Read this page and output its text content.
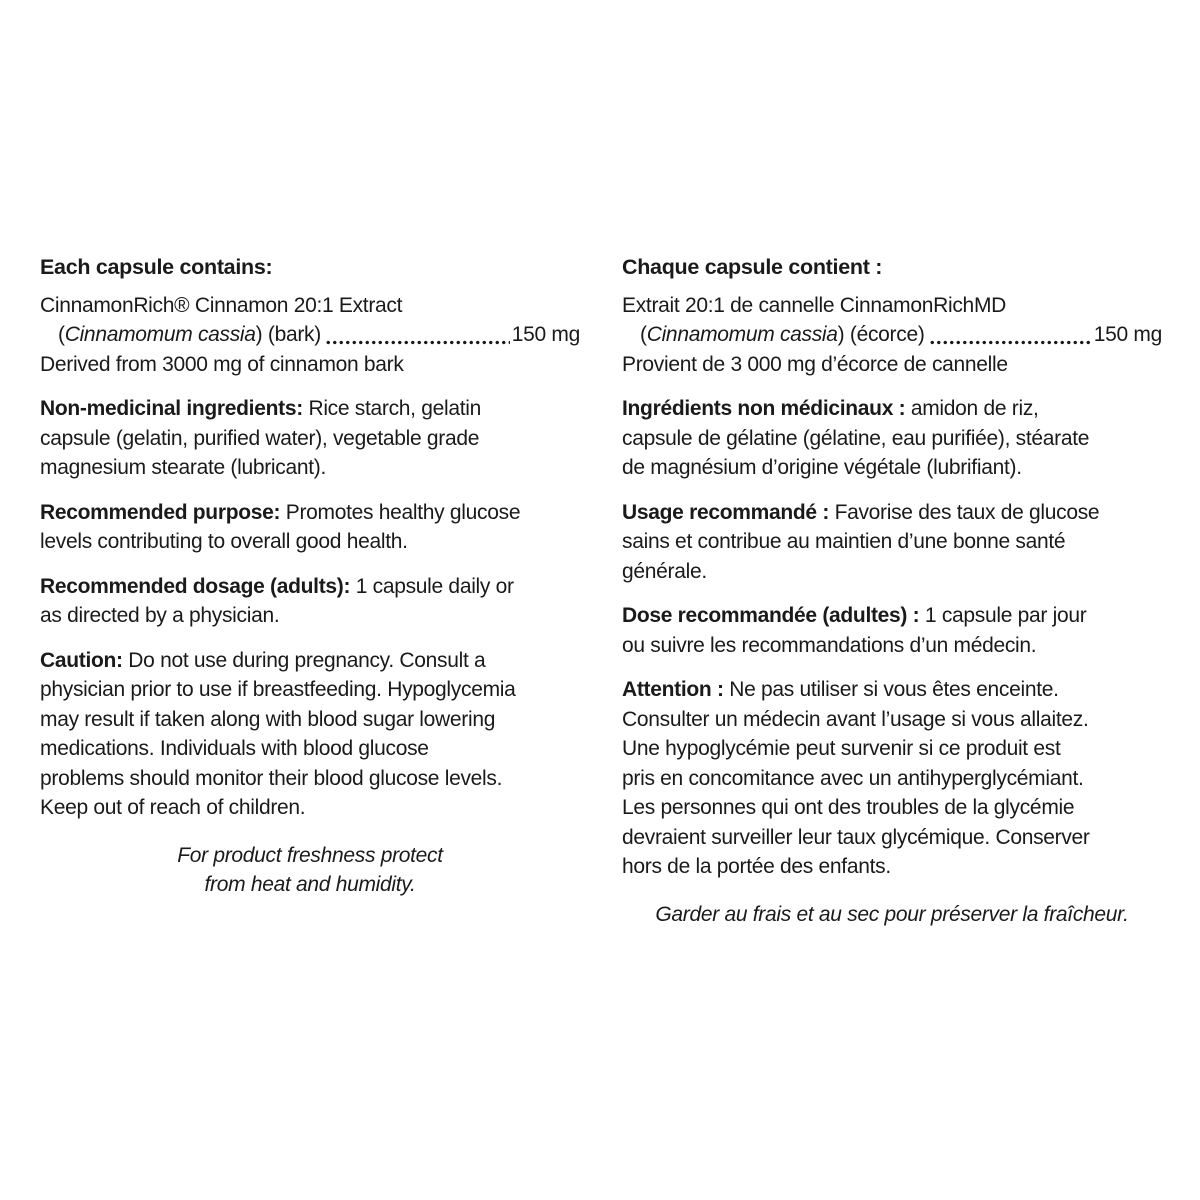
Each capsule contains:
CinnamonRich® Cinnamon 20:1 Extract
(Cinnamomum cassia) (bark)	150 mg
Derived from 3000 mg of cinnamon bark
Non-medicinal ingredients: Rice starch, gelatin
capsule (gelatin, purified water), vegetable grade
magnesium stearate (lubricant).
Recommended purpose: Promotes healthy glucose
levels contributing to overall good health.
Recommended dosage (adults): 1 capsule daily or
as directed by a physician.
Caution: Do not use during pregnancy. Consult a
physician prior to use if breastfeeding. Hypoglycemia
may result if taken along with blood sugar lowering
medications. Individuals with blood glucose
problems should monitor their blood glucose levels.
Keep out of reach of children.
For product freshness protect
from heat and humidity.
Chaque capsule contient :
Extrait 20:1 de cannelle CinnamonRichMD
(Cinnamomum cassia) (écorce)	150 mg
Provient de 3 000 mg d’écorce de cannelle
Ingrédients non médicinaux : amidon de riz,
capsule de gélatine (gélatine, eau purifiée), stéarate
de magnésium d’origine végétale (lubrifiant).
Usage recommandé : Favorise des taux de glucose
sains et contribue au maintien d’une bonne santé
générale.
Dose recommandée (adultes) : 1 capsule par jour
ou suivre les recommandations d’un médecin.
Attention : Ne pas utiliser si vous êtes enceinte.
Consulter un médecin avant l’usage si vous allaitez.
Une hypoglycémie peut survenir si ce produit est
pris en concomitance avec un antihyperglycémiant.
Les personnes qui ont des troubles de la glycémie
devraient surveiller leur taux glycémique. Conserver
hors de la portée des enfants.
Garder au frais et au sec pour préserver la fraîcheur.
